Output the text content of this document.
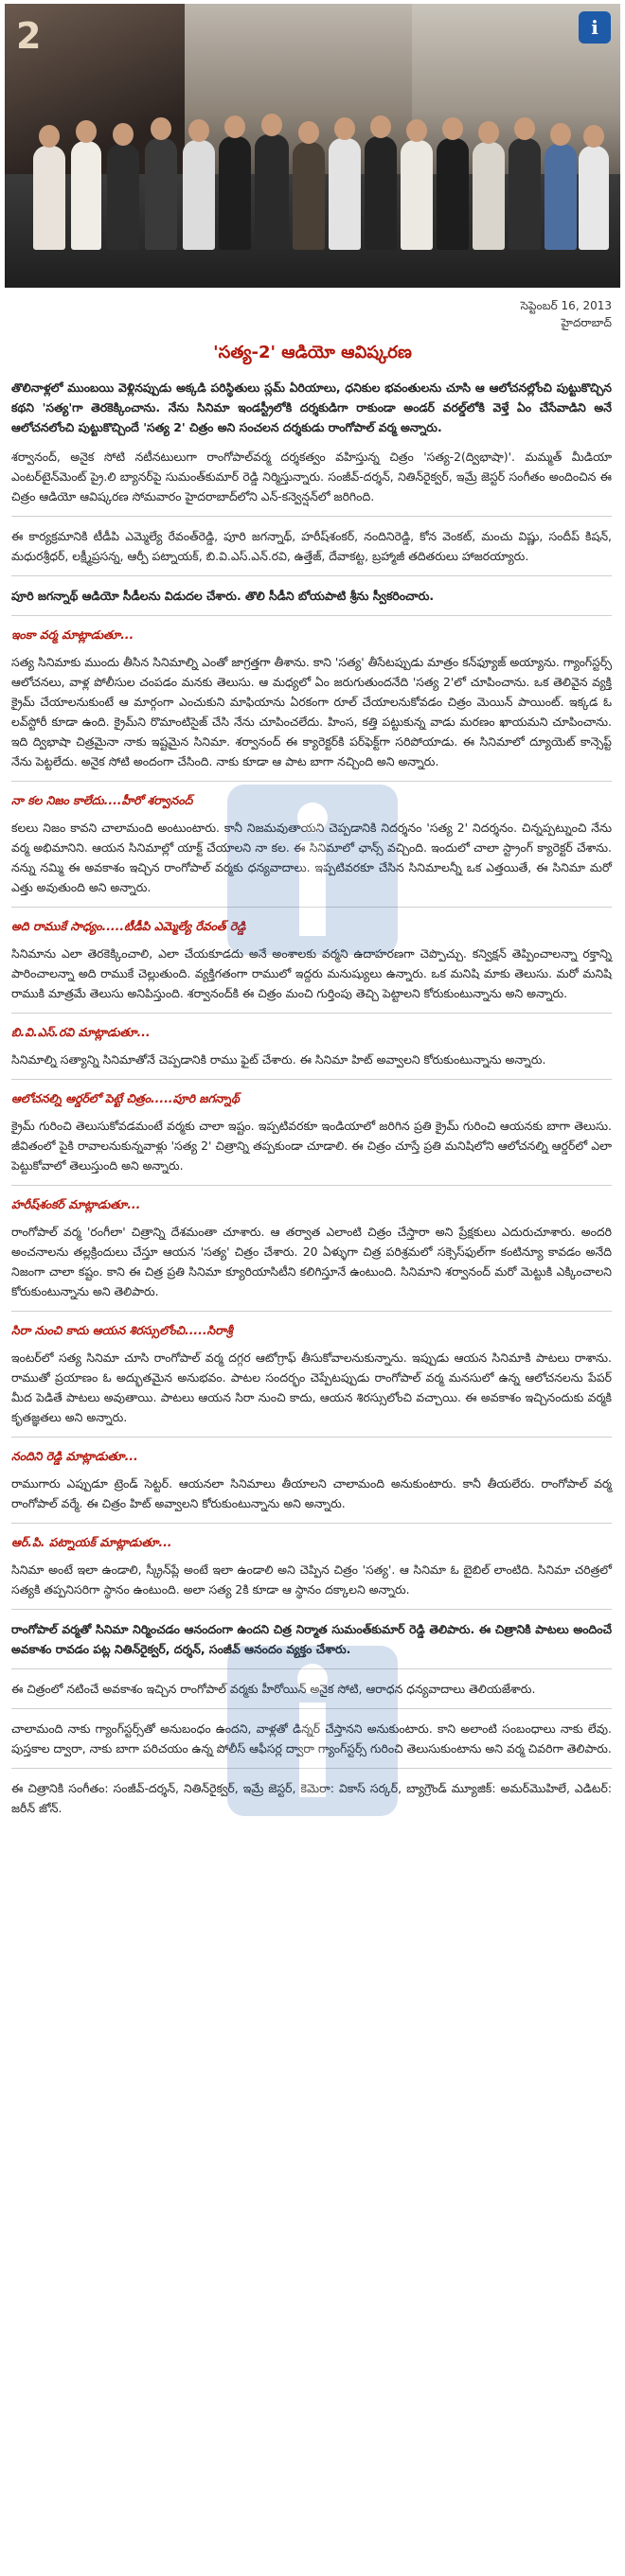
2	i
సెప్టెంబర్ 16, 2013
హైదరాబాద్
'సత్య-2' ఆడియో ఆవిష్కరణ

తొలినాళ్లలో ముంబయి వెళ్లినప్పుడు అక్కడి పరిస్థితులు స్లమ్ ఏరియాలు, ధనికుల భవంతులను చూసి ఆ ఆలోచనల్లోంచి పుట్టుకొచ్చిన కథని 'సత్య'గా తెరకెక్కించాను. నేను సినిమా ఇండస్ట్రీలోకి దర్శకుడిగా రాకుండా అండర్ వరల్డ్‌లోకి వెళ్తే ఏం చేసేవాడిని అనే ఆలోచనలోంచి పుట్టుకొచ్చిందే 'సత్య 2' చిత్రం అని సంచలన దర్శకుడు రాంగోపాల్ వర్మ అన్నారు.

శర్వానంద్, అనైక సోటి నటీనటులుగా రాంగోపాల్‌వర్మ దర్శకత్వం వహిస్తున్న చిత్రం 'సత్య-2(ద్విభాషా)'. మమ్మత్ మీడియా ఎంటర్‌టైన్‌మెంట్ ప్రై.లి బ్యానర్‌పై సుమంత్‌కుమార్ రెడ్డి నిర్మిస్తున్నారు. సంజీవ్-దర్శన్, నితిన్‌రైక్వర్, ఇమ్రే జెస్టర్ సంగీతం అందించిన ఈ చిత్రం ఆడియో ఆవిష్కరణ సోమవారం హైదరాబాద్‌లోని ఎన్-కన్వెన్షన్‌లో జరిగింది.

ఈ కార్యక్రమానికి టీడీపి ఎమ్మెల్యే రేవంత్‌రెడ్డి, పూరి జగన్నాథ్, హరీష్‌శంకర్, నందినిరెడ్డి, కోన వెంకట్, మంచు విష్ణు, సందీప్ కిషన్, మధురశ్రీధర్, లక్ష్మీప్రసన్న, ఆర్పీ పట్నాయక్, బి.వి.ఎస్.ఎన్.రవి, ఉత్తేజ్, దేవాకట్ట, బ్రహ్మాజీ తదితరులు హాజరయ్యారు.

పూరి జగన్నాథ్ ఆడియో సీడీలను విడుదల చేశారు. తొలి సీడీని బోయపాటి శ్రీను స్వీకరించారు.

ఇంకా వర్మ మాట్లాడుతూ...

సత్య సినిమాకు ముందు తీసిన సినిమాల్ని ఎంతో జాగ్రత్తగా తీశాను. కాని 'సత్య' తీసేటప్పుడు మాత్రం కన్‌ఫ్యూజ్ అయ్యాను. గ్యాంగ్‌స్టర్స్ ఆలోచనలు, వాళ్ల పోలీసుల చంపడం మనకు తెలుసు. ఆ మధ్యలో ఏం జరుగుతుందనేది 'సత్య 2'లో చూపించాను. ఒక తెలివైన వ్యక్తి క్రైమ్ చేయాలనుకుంటే ఆ మార్గంగా ఎంచుకుని మాఫియాను ఏరకంగా రూల్ చేయాలనుకోవడం చిత్రం మెయిన్ పాయింట్. ఇక్కడ ఓ లవ్‌స్టోరీ కూడా ఉంది. క్రైమ్‌ని రొమాంటిసైజ్ చేసి నేను చూపించలేదు. హింస, కత్తి పట్టుకున్న వాడు మరణం ఖాయమని చూపించాను. ఇది ద్విభాషా చిత్రమైనా నాకు ఇష్టమైన సినిమా. శర్వానంద్ ఈ క్యారెక్టర్‌కి పర్‌ఫెక్ట్‌గా సరిపోయాడు. ఈ సినిమాలో ద్యూయెట్ కాన్సెప్ట్ నేను పెట్టలేదు. అనైక సోటి అందంగా చేసింది. నాకు కూడా ఆ పాట బాగా నచ్చింది అని అన్నారు.

నా కల నిజం కాలేదు....హీరో శర్వానంద్

కలలు నిజం కావని చాలామంది అంటుంటారు. కానీ నిజమవుతాయని చెప్పడానికి నిదర్శనం 'సత్య 2' నిదర్శనం. చిన్నప్పట్నుంచి నేను వర్మ అభిమానిని. ఆయన సినిమాల్లో యాక్ట్ చేయాలని నా కల. ఈ సినిమాలో ఛాన్స్ వచ్చింది. ఇందులో చాలా స్ట్రాంగ్ క్యారెక్టర్ చేశాను. నన్ను నమ్మి ఈ అవకాశం ఇచ్చిన రాంగోపాల్ వర్మ‌కు ధన్యవాదాలు. ఇప్పటివరకూ చేసిన సినిమాలన్నీ ఒక ఎత్తయితే, ఈ సినిమా మరో ఎత్తు అవుతుంది అని అన్నారు.

అది రాముకే సాధ్యం.....టీడీపి ఎమ్మెల్యే రేవంత్ రెడ్డి

సినిమాను ఎలా తెరకెక్కించాలి, ఎలా చేయకూడదు అనే అంశాలకు వర్మని ఉదాహరణగా చెప్పొచ్చు. కన్విక్షన్ తెప్పించాలన్నా రక్తాన్ని పారించాలన్నా అది రాముకే చెల్లుతుంది. వ్యక్తిగతంగా రాములో ఇద్దరు మనుష్యులు ఉన్నారు. ఒక మనిషి మాకు తెలుసు. మరో మనిషి రాముకి మాత్రమే తెలుసు అనిపిస్తుంది. శర్వానంద్‌కి ఈ చిత్రం మంచి గుర్తింపు తెచ్చి పెట్టాలని కోరుకుంటున్నాను అని అన్నారు.

బి.వి.ఎస్.రవి మాట్లాడుతూ...

సినిమాల్ని సత్యాన్ని సినిమాతోనే చెప్పడానికి రాము ఫైట్ చేశారు. ఈ సినిమా హిట్ అవ్వాలని కోరుకుంటున్నాను అన్నారు.

ఆలోచనల్ని ఆర్డర్‌లో పెట్టే చిత్రం.....పూరి జగన్నాథ్

క్రైమ్ గురించి తెలుసుకోవడమంటే వర్మకు చాలా ఇష్టం. ఇప్పటివరకూ ఇండియాలో జరిగిన ప్రతి క్రైమ్ గురించి ఆయనకు బాగా తెలుసు. జీవితంలో పైకి రావాలనుకున్నవాళ్లు 'సత్య 2' చిత్రాన్ని తప్పకుండా చూడాలి. ఈ చిత్రం చూస్తే ప్రతి మనిషిలోని ఆలోచనల్ని ఆర్డర్‌లో ఎలా పెట్టుకోవాలో తెలుస్తుంది అని అన్నారు.

హరీష్‌శంకర్ మాట్లాడుతూ...

రాంగోపాల్ వర్మ 'రంగీలా' చిత్రాన్ని దేశమంతా చూశారు. ఆ తర్వాత ఎలాంటి చిత్రం చేస్తారా అని ప్రేక్షకులు ఎదురుచూశారు. అందరి అంచనాలను తల్లక్రిందులు చేస్తూ ఆయన 'సత్య' చిత్రం చేశారు. 20 ఏళ్ళుగా చిత్ర పరిశ్రమలో సక్సెస్‌ఫుల్‌గా కంటిన్యూ కావడం అనేది నిజంగా చాలా కష్టం. కాని ఈ చిత్ర ప్రతి సినిమా క్యూరియాసిటీని కలిగిస్తూనే ఉంటుంది. సినిమాని శర్వానంద్ మరో మెట్టుకి ఎక్కించాలని కోరుకుంటున్నాను అని తెలిపారు.

సిరా నుంచి కాదు ఆయన శిరస్సులోంచి.....సిరాశ్రీ

ఇంటర్‌లో సత్య సినిమా చూసి రాంగోపాల్ వర్మ దగ్గర ఆటోగ్రాఫ్ తీసుకోవాలనుకున్నాను. ఇప్పుడు ఆయన సినిమాకి పాటలు రాశాను. రాముతో ప్రయాణం ఓ అద్భుతమైన అనుభవం. పాటల సందర్భం చెప్పేటప్పుడు రాంగోపాల్ వర్మ మనసులో ఉన్న ఆలోచనలను పేపర్ మీద పెడితే పాటలు అవుతాయి. పాటలు ఆయన సిరా నుంచి కాదు, ఆయన శిరస్సులోంచి వచ్చాయి. ఈ అవకాశం ఇచ్చినందుకు వర్మకి కృతజ్ఞతలు అని అన్నారు.

నందిని రెడ్డి మాట్లాడుతూ...

రాముగారు ఎప్పుడూ ట్రెండ్ సెట్టర్. ఆయనలా సినిమాలు తీయాలని చాలామంది అనుకుంటారు. కానీ తీయలేరు. రాంగోపాల్ వర్మ రాంగోపాల్ వర్మే. ఈ చిత్రం హిట్ అవ్వాలని కోరుకుంటున్నాను అని అన్నారు.

ఆర్.పి. పట్నాయక్ మాట్లాడుతూ...

సినిమా అంటే ఇలా ఉండాలి, స్క్రీన్‌ప్లే అంటే ఇలా ఉండాలి అని చెప్పిన చిత్రం 'సత్య'. ఆ సినిమా ఓ బైబిల్ లాంటిది. సినిమా చరిత్రలో సత్యకి తప్పనిసరిగా స్థానం ఉంటుంది. అలా సత్య 2కి కూడా ఆ స్థానం దక్కాలని అన్నారు.

రాంగోపాల్ వర్మతో సినిమా నిర్మించడం ఆనందంగా ఉందని చిత్ర నిర్మాత సుమంత్‌కుమార్ రెడ్డి తెలిపారు. ఈ చిత్రానికి పాటలు అందించే అవకాశం రావడం పట్ల నితిన్‌రైక్వర్, దర్శన్, సంజీవ్ ఆనందం వ్యక్తం చేశారు.

ఈ చిత్రంలో నటించే అవకాశం ఇచ్చిన రాంగోపాల్ వర్మకు హీరోయిన్ అనైక సోటి, ఆరాధన ధన్యవాదాలు తెలియజేశారు.

చాలామంది నాకు గ్యాంగ్‌స్టర్స్‌తో అనుబంధం ఉందని, వాళ్లతో డిన్నర్ చేస్తానని అనుకుంటారు. కాని అలాంటి సంబంధాలు నాకు లేవు. పుస్తకాల ద్వారా, నాకు బాగా పరిచయం ఉన్న పోలీస్ ఆఫీసర్ల ద్వారా గ్యాంగ్‌స్టర్స్ గురించి తెలుసుకుంటాను అని వర్మ చివరిగా తెలిపారు.

ఈ చిత్రానికి సంగీతం: సంజీవ్-దర్శన్, నితిన్‌రైక్వర్, ఇమ్రే జెస్టర్, కెమెరా: వికాస్ సర్కర్, బ్యాగ్రౌండ్ మ్యూజిక్: అమర్‌మొహిలే, ఎడిటర్: జరీన్ జోన్.
